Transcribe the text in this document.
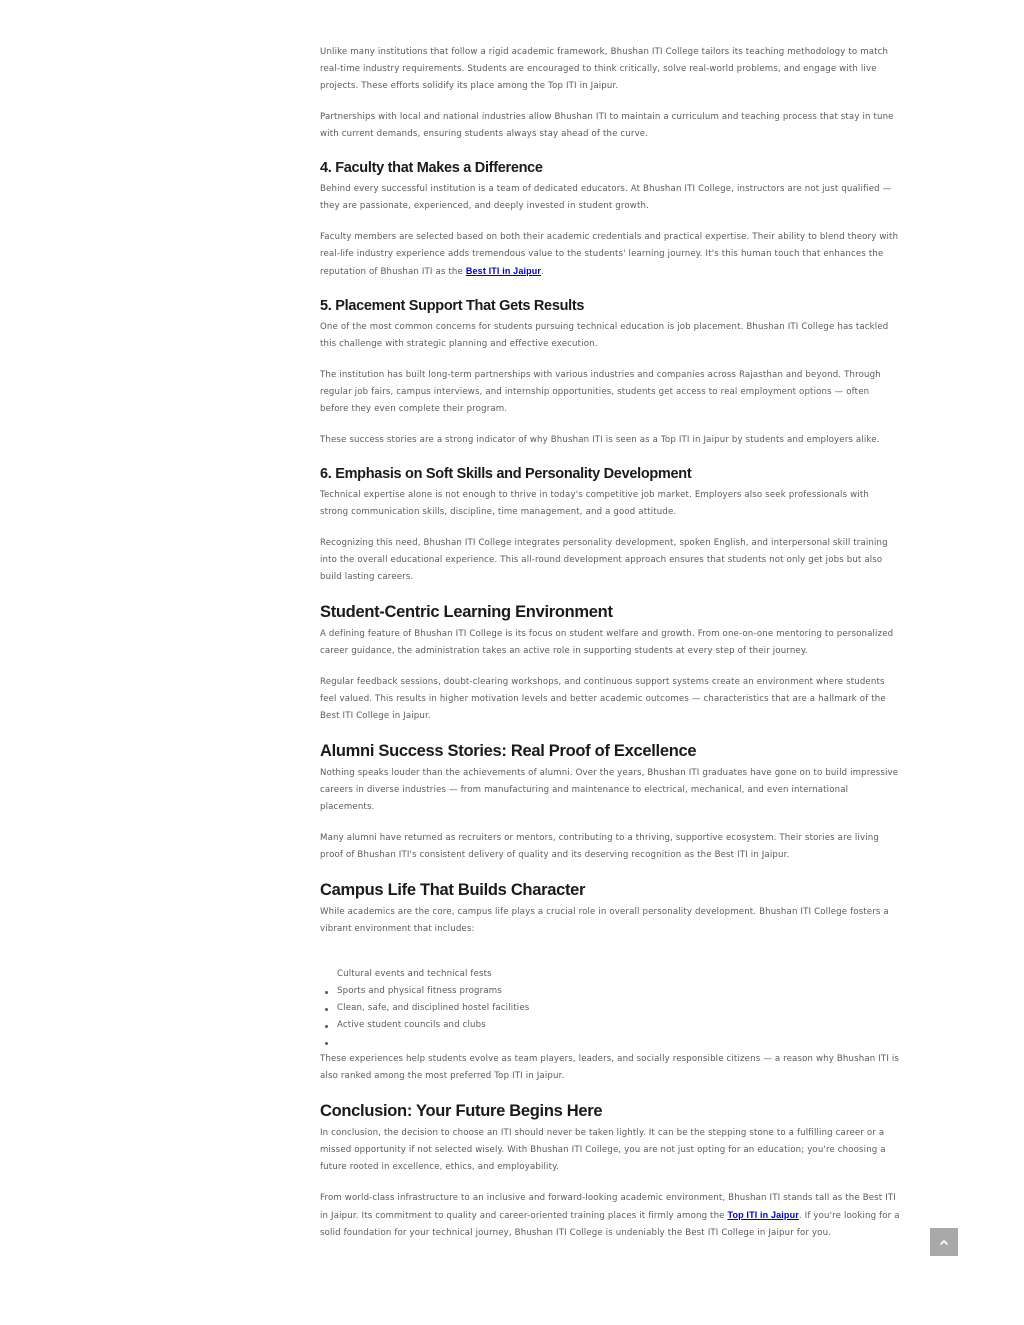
Unlike many institutions that follow a rigid academic framework, Bhushan ITI College tailors its teaching methodology to match real-time industry requirements. Students are encouraged to think critically, solve real-world problems, and engage with live projects. These efforts solidify its place among the Top ITI in Jaipur.

Partnerships with local and national industries allow Bhushan ITI to maintain a curriculum and teaching process that stay in tune with current demands, ensuring students always stay ahead of the curve.

4. Faculty that Makes a Difference

Behind every successful institution is a team of dedicated educators. At Bhushan ITI College, instructors are not just qualified — they are passionate, experienced, and deeply invested in student growth.

Faculty members are selected based on both their academic credentials and practical expertise. Their ability to blend theory with real-life industry experience adds tremendous value to the students' learning journey. It's this human touch that enhances the reputation of Bhushan ITI as the Best ITI in Jaipur.

5. Placement Support That Gets Results

One of the most common concerns for students pursuing technical education is job placement. Bhushan ITI College has tackled this challenge with strategic planning and effective execution.

The institution has built long-term partnerships with various industries and companies across Rajasthan and beyond. Through regular job fairs, campus interviews, and internship opportunities, students get access to real employment options — often before they even complete their program.

These success stories are a strong indicator of why Bhushan ITI is seen as a Top ITI in Jaipur by students and employers alike.

6. Emphasis on Soft Skills and Personality Development

Technical expertise alone is not enough to thrive in today's competitive job market. Employers also seek professionals with strong communication skills, discipline, time management, and a good attitude.

Recognizing this need, Bhushan ITI College integrates personality development, spoken English, and interpersonal skill training into the overall educational experience. This all-round development approach ensures that students not only get jobs but also build lasting careers.

Student-Centric Learning Environment

A defining feature of Bhushan ITI College is its focus on student welfare and growth. From one-on-one mentoring to personalized career guidance, the administration takes an active role in supporting students at every step of their journey.

Regular feedback sessions, doubt-clearing workshops, and continuous support systems create an environment where students feel valued. This results in higher motivation levels and better academic outcomes — characteristics that are a hallmark of the Best ITI College in Jaipur.

Alumni Success Stories: Real Proof of Excellence

Nothing speaks louder than the achievements of alumni. Over the years, Bhushan ITI graduates have gone on to build impressive careers in diverse industries — from manufacturing and maintenance to electrical, mechanical, and even international placements.

Many alumni have returned as recruiters or mentors, contributing to a thriving, supportive ecosystem. Their stories are living proof of Bhushan ITI's consistent delivery of quality and its deserving recognition as the Best ITI in Jaipur.

Campus Life That Builds Character

While academics are the core, campus life plays a crucial role in overall personality development. Bhushan ITI College fosters a vibrant environment that includes:

Cultural events and technical fests
Sports and physical fitness programs
Clean, safe, and disciplined hostel facilities
Active student councils and clubs

These experiences help students evolve as team players, leaders, and socially responsible citizens — a reason why Bhushan ITI is also ranked among the most preferred Top ITI in Jaipur.

Conclusion: Your Future Begins Here

In conclusion, the decision to choose an ITI should never be taken lightly. It can be the stepping stone to a fulfilling career or a missed opportunity if not selected wisely. With Bhushan ITI College, you are not just opting for an education; you're choosing a future rooted in excellence, ethics, and employability.

From world-class infrastructure to an inclusive and forward-looking academic environment, Bhushan ITI stands tall as the Best ITI in Jaipur. Its commitment to quality and career-oriented training places it firmly among the Top ITI in Jaipur. If you're looking for a solid foundation for your technical journey, Bhushan ITI College is undeniably the Best ITI College in Jaipur for you.
